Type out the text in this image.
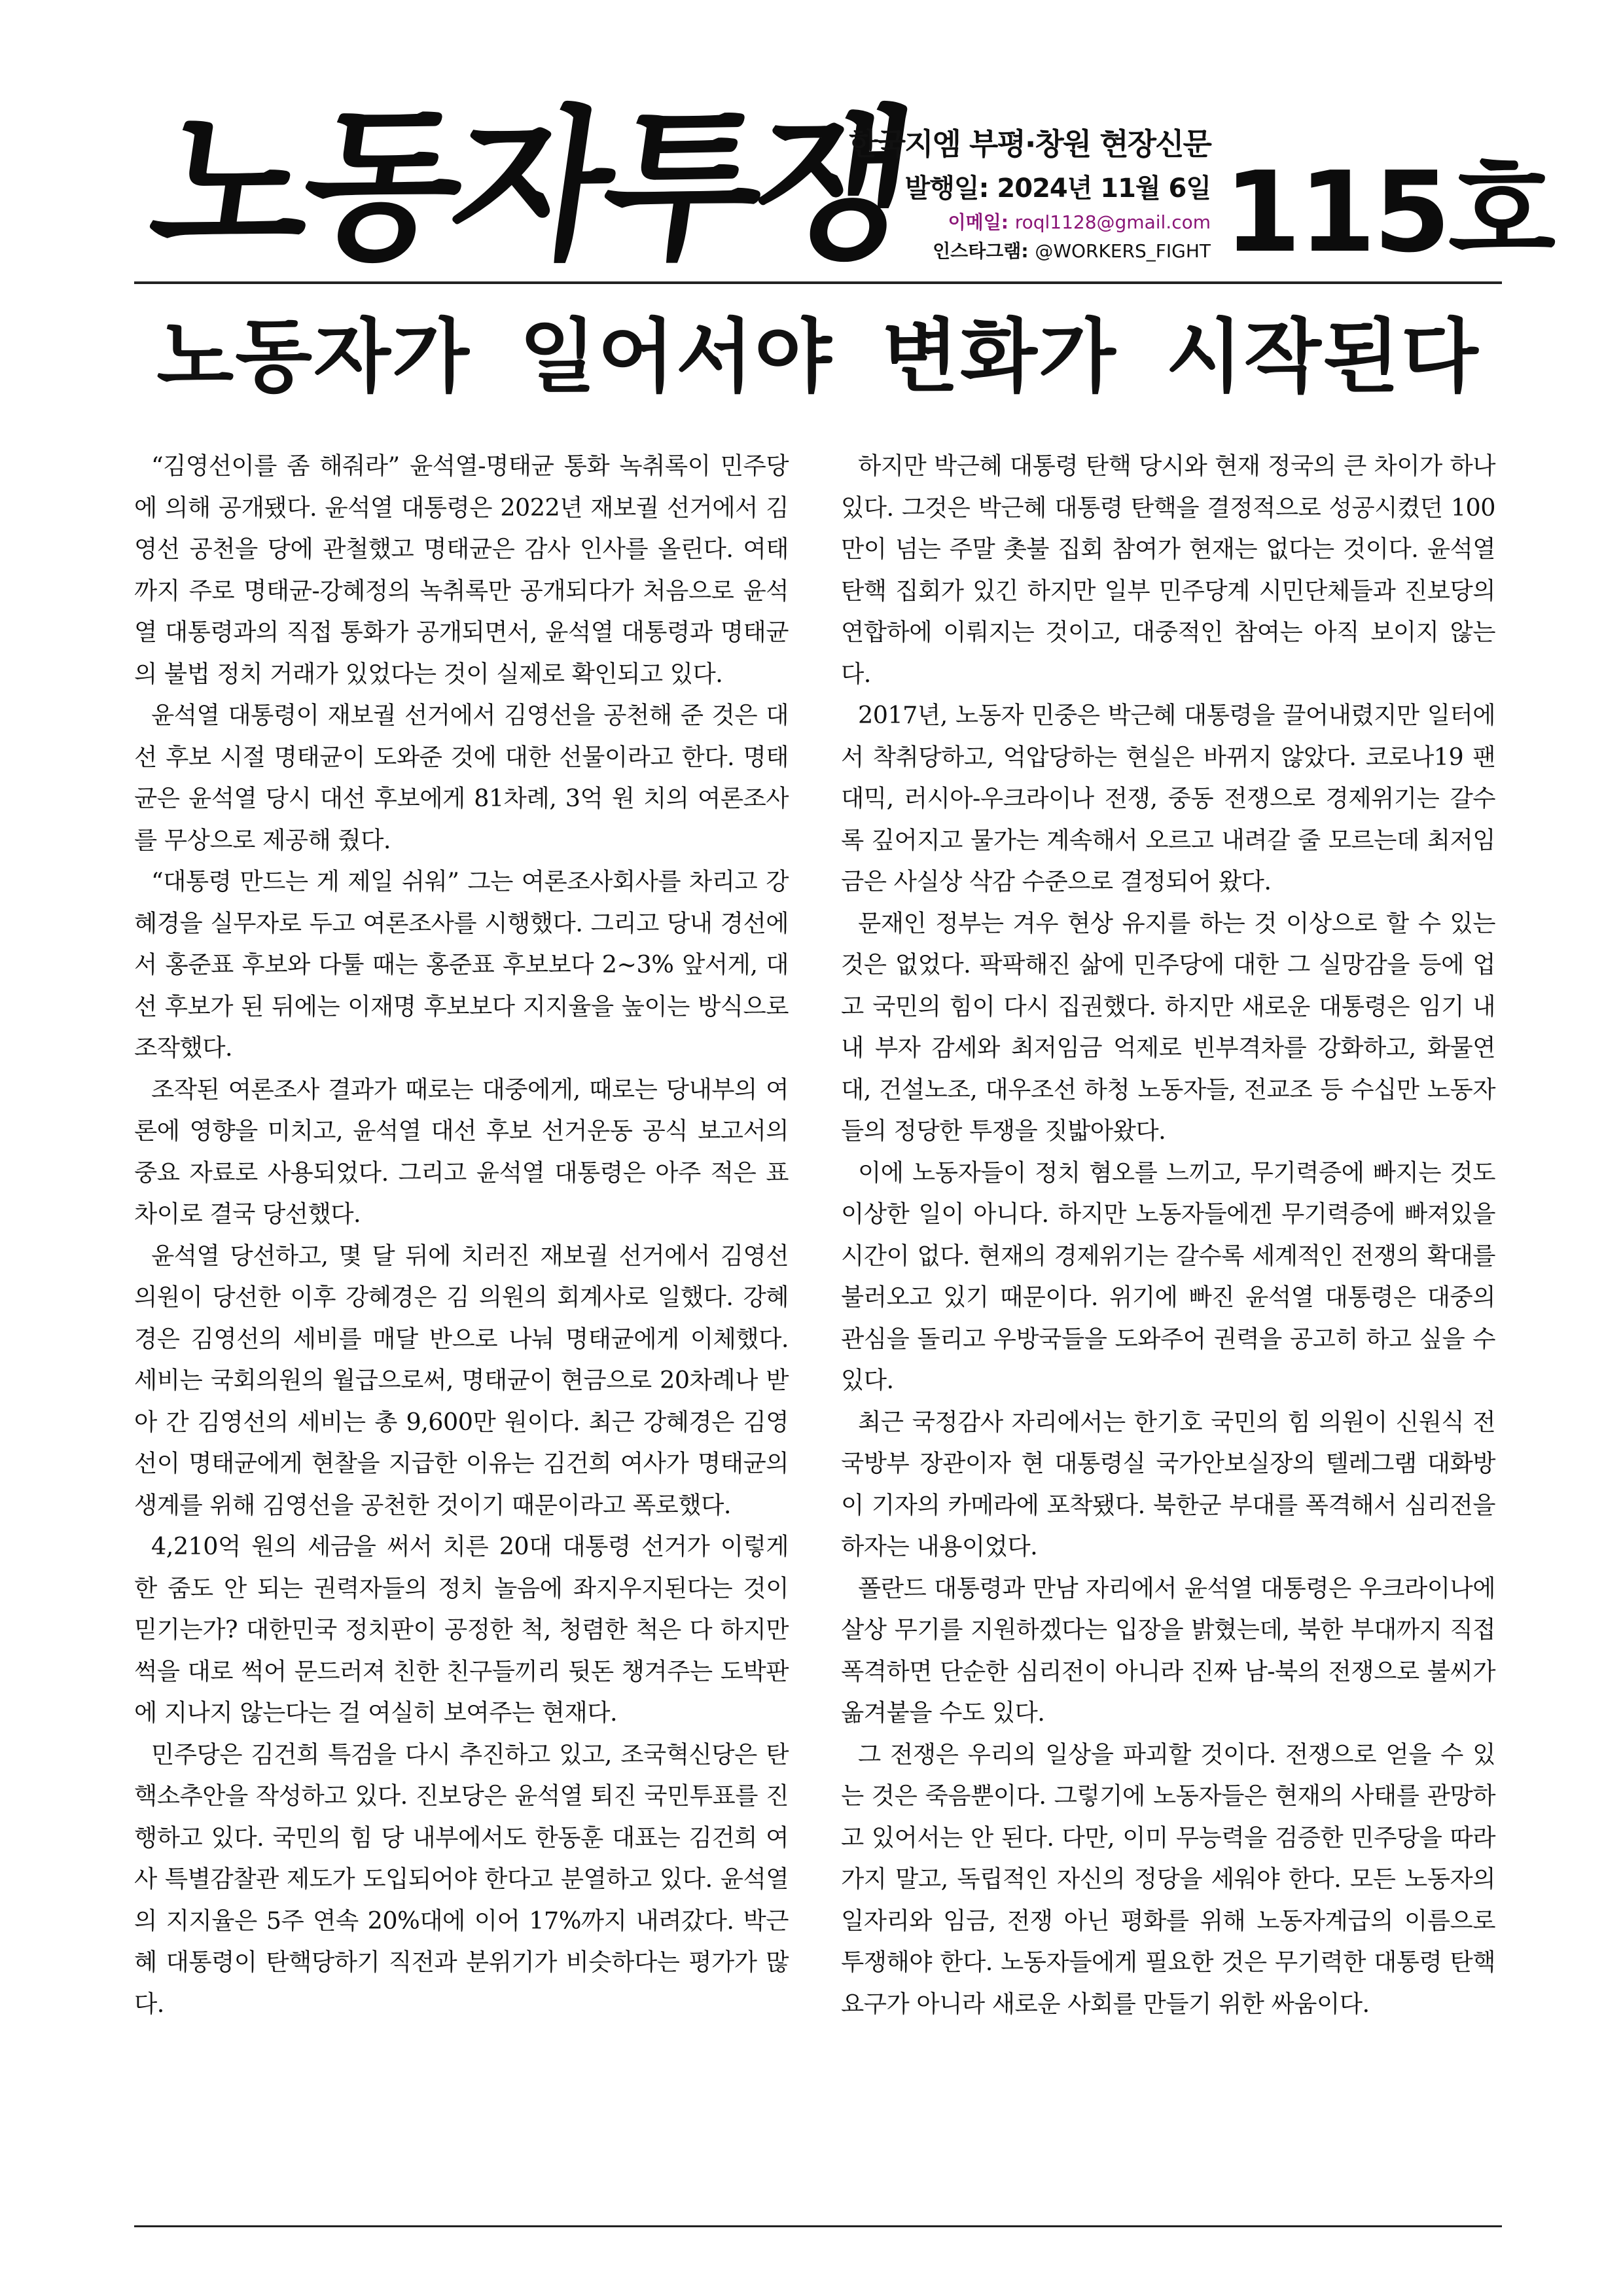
노동자투쟁
한국지엠 부평·창원 현장신문
발행일: 2024년 11월 6일
이메일: roql1128@gmail.com
인스타그램: @WORKERS_FIGHT 115호
노동자가 일어서야 변화가 시작된다

“김영선이를 좀 해줘라” 윤석열-명태균 통화 녹취록이 민주당에 의해 공개됐다. 윤석열 대통령은 2022년 재보궐 선거에서 김영선 공천을 당에 관철했고 명태균은 감사 인사를 올린다. 여태까지 주로 명태균-강혜정의 녹취록만 공개되다가 처음으로 윤석열 대통령과의 직접 통화가 공개되면서, 윤석열 대통령과 명태균의 불법 정치 거래가 있었다는 것이 실제로 확인되고 있다.

윤석열 대통령이 재보궐 선거에서 김영선을 공천해 준 것은 대선 후보 시절 명태균이 도와준 것에 대한 선물이라고 한다. 명태균은 윤석열 당시 대선 후보에게 81차례, 3억 원 치의 여론조사를 무상으로 제공해 줬다.

“대통령 만드는 게 제일 쉬워” 그는 여론조사회사를 차리고 강혜경을 실무자로 두고 여론조사를 시행했다. 그리고 당내 경선에서 홍준표 후보와 다툴 때는 홍준표 후보보다 2~3% 앞서게, 대선 후보가 된 뒤에는 이재명 후보보다 지지율을 높이는 방식으로 조작했다.

조작된 여론조사 결과가 때로는 대중에게, 때로는 당내부의 여론에 영향을 미치고, 윤석열 대선 후보 선거운동 공식 보고서의 중요 자료로 사용되었다. 그리고 윤석열 대통령은 아주 적은 표 차이로 결국 당선했다.

윤석열 당선하고, 몇 달 뒤에 치러진 재보궐 선거에서 김영선 의원이 당선한 이후 강혜경은 김 의원의 회계사로 일했다. 강혜경은 김영선의 세비를 매달 반으로 나눠 명태균에게 이체했다. 세비는 국회의원의 월급으로써, 명태균이 현금으로 20차례나 받아 간 김영선의 세비는 총 9,600만 원이다. 최근 강혜경은 김영선이 명태균에게 현찰을 지급한 이유는 김건희 여사가 명태균의 생계를 위해 김영선을 공천한 것이기 때문이라고 폭로했다.

4,210억 원의 세금을 써서 치른 20대 대통령 선거가 이렇게 한 줌도 안 되는 권력자들의 정치 놀음에 좌지우지된다는 것이 믿기는가? 대한민국 정치판이 공정한 척, 청렴한 척은 다 하지만 썩을 대로 썩어 문드러져 친한 친구들끼리 뒷돈 챙겨주는 도박판에 지나지 않는다는 걸 여실히 보여주는 현재다.

민주당은 김건희 특검을 다시 추진하고 있고, 조국혁신당은 탄핵소추안을 작성하고 있다. 진보당은 윤석열 퇴진 국민투표를 진행하고 있다. 국민의 힘 당 내부에서도 한동훈 대표는 김건희 여사 특별감찰관 제도가 도입되어야 한다고 분열하고 있다. 윤석열의 지지율은 5주 연속 20%대에 이어 17%까지 내려갔다. 박근혜 대통령이 탄핵당하기 직전과 분위기가 비슷하다는 평가가 많다.

하지만 박근혜 대통령 탄핵 당시와 현재 정국의 큰 차이가 하나 있다. 그것은 박근혜 대통령 탄핵을 결정적으로 성공시켰던 100만이 넘는 주말 촛불 집회 참여가 현재는 없다는 것이다. 윤석열 탄핵 집회가 있긴 하지만 일부 민주당계 시민단체들과 진보당의 연합하에 이뤄지는 것이고, 대중적인 참여는 아직 보이지 않는다.

2017년, 노동자 민중은 박근혜 대통령을 끌어내렸지만 일터에서 착취당하고, 억압당하는 현실은 바뀌지 않았다. 코로나19 팬대믹, 러시아-우크라이나 전쟁, 중동 전쟁으로 경제위기는 갈수록 깊어지고 물가는 계속해서 오르고 내려갈 줄 모르는데 최저임금은 사실상 삭감 수준으로 결정되어 왔다.

문재인 정부는 겨우 현상 유지를 하는 것 이상으로 할 수 있는 것은 없었다. 팍팍해진 삶에 민주당에 대한 그 실망감을 등에 업고 국민의 힘이 다시 집권했다. 하지만 새로운 대통령은 임기 내내 부자 감세와 최저임금 억제로 빈부격차를 강화하고, 화물연대, 건설노조, 대우조선 하청 노동자들, 전교조 등 수십만 노동자들의 정당한 투쟁을 짓밟아왔다.

이에 노동자들이 정치 혐오를 느끼고, 무기력증에 빠지는 것도 이상한 일이 아니다. 하지만 노동자들에겐 무기력증에 빠져있을 시간이 없다. 현재의 경제위기는 갈수록 세계적인 전쟁의 확대를 불러오고 있기 때문이다. 위기에 빠진 윤석열 대통령은 대중의 관심을 돌리고 우방국들을 도와주어 권력을 공고히 하고 싶을 수 있다.

최근 국정감사 자리에서는 한기호 국민의 힘 의원이 신원식 전 국방부 장관이자 현 대통령실 국가안보실장의 텔레그램 대화방이 기자의 카메라에 포착됐다. 북한군 부대를 폭격해서 심리전을 하자는 내용이었다.

폴란드 대통령과 만남 자리에서 윤석열 대통령은 우크라이나에 살상 무기를 지원하겠다는 입장을 밝혔는데, 북한 부대까지 직접 폭격하면 단순한 심리전이 아니라 진짜 남-북의 전쟁으로 불씨가 옮겨붙을 수도 있다.

그 전쟁은 우리의 일상을 파괴할 것이다. 전쟁으로 얻을 수 있는 것은 죽음뿐이다. 그렇기에 노동자들은 현재의 사태를 관망하고 있어서는 안 된다. 다만, 이미 무능력을 검증한 민주당을 따라가지 말고, 독립적인 자신의 정당을 세워야 한다. 모든 노동자의 일자리와 임금, 전쟁 아닌 평화를 위해 노동자계급의 이름으로 투쟁해야 한다. 노동자들에게 필요한 것은 무기력한 대통령 탄핵 요구가 아니라 새로운 사회를 만들기 위한 싸움이다.
